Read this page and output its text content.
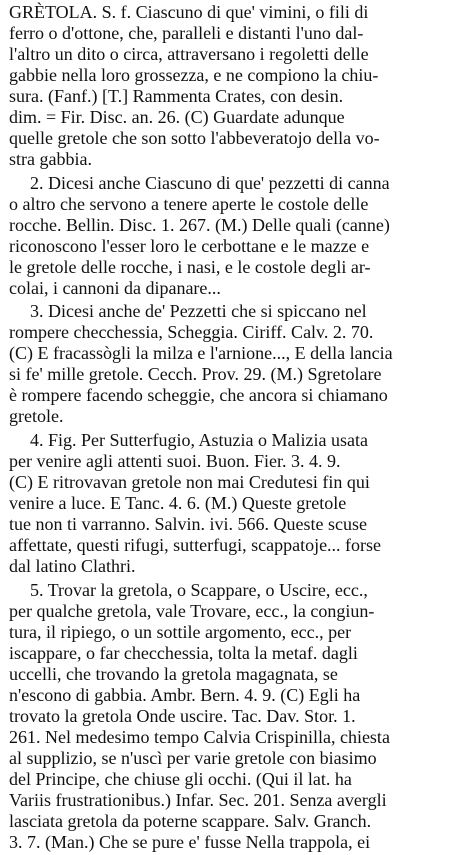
GRÈTOLA. S. f. Ciascuno di que' vimini, o fili di
ferro o d'ottone, che, paralleli e distanti l'uno dal-
l'altro un dito o circa, attraversano i regoletti delle
gabbie nella loro grossezza, e ne compiono la chiu-
sura. (Fanf.) [T.] Rammenta Crates, con desin.
dim. = Fir. Disc. an. 26. (C) Guardate adunque
quelle gretole che son sotto l'abbeveratojo della vo-
stra gabbia.
2. Dicesi anche Ciascuno di que' pezzetti di canna
o altro che servono a tenere aperte le costole delle
rocche. Bellin. Disc. 1. 267. (M.) Delle quali (canne)
riconoscono l'esser loro le cerbottane e le mazze e
le gretole delle rocche, i nasi, e le costole degli ar-
colai, i cannoni da dipanare...
3. Dicesi anche de' Pezzetti che si spiccano nel
rompere checchessia, Scheggia. Ciriff. Calv. 2. 70.
(C) E fracassògli la milza e l'arnione..., E della lancia
si fe' mille gretole. Cecch. Prov. 29. (M.) Sgretolare
è rompere facendo scheggie, che ancora si chiamano
gretole.
4. Fig. Per Sutterfugio, Astuzia o Malizia usata
per venire agli attenti suoi. Buon. Fier. 3. 4. 9.
(C) E ritrovavan gretole non mai Credutesi fin qui
venire a luce. E Tanc. 4. 6. (M.) Queste gretole
tue non ti varranno. Salvin. ivi. 566. Queste scuse
affettate, questi rifugi, sutterfugi, scappatoje... forse
dal latino Clathri.
5. Trovar la gretola, o Scappare, o Uscire, ecc.,
per qualche gretola, vale Trovare, ecc., la congiun-
tura, il ripiego, o un sottile argomento, ecc., per
iscappare, o far checchessia, tolta la metaf. dagli
uccelli, che trovando la gretola magagnata, se
n'escono di gabbia. Ambr. Bern. 4. 9. (C) Egli ha
trovato la gretola Onde uscire. Tac. Dav. Stor. 1.
261. Nel medesimo tempo Calvia Crispinilla, chiesta
al supplizio, se n'uscì per varie gretole con biasimo
del Principe, che chiuse gli occhi. (Qui il lat. ha
Variis frustrationibus.) Infar. Sec. 201. Senza avergli
lasciata gretola da poterne scappare. Salv. Granch.
3. 7. (Man.) Che se pure e' fusse Nella trappola, ei
